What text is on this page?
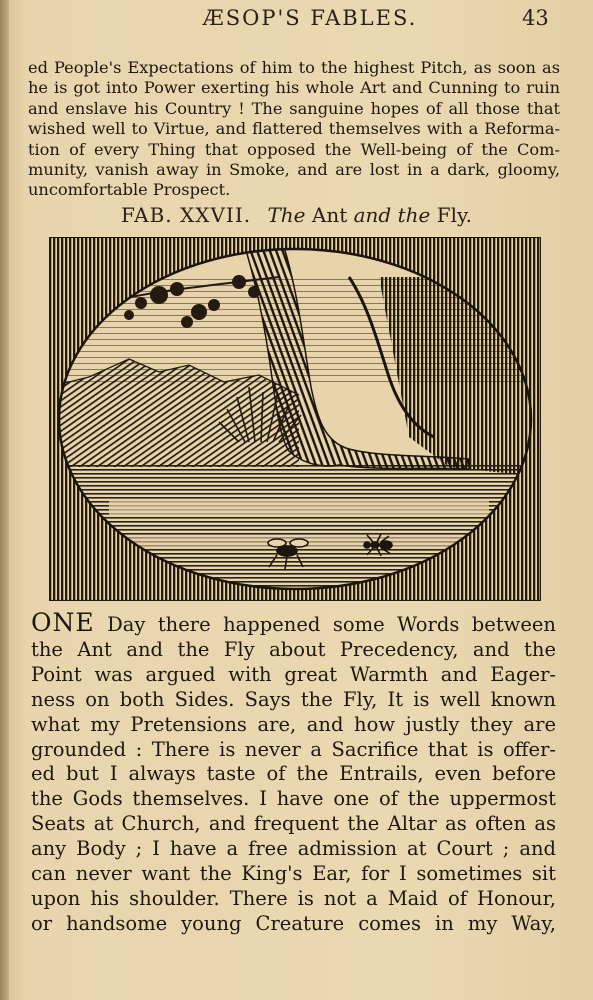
ÆSOP'S FABLES.	43
ed People's Expectations of him to the highest Pitch, as soon as
he is got into Power exerting his whole Art and Cunning to ruin
and enslave his Country ! The sanguine hopes of all those that
wished well to Virtue, and flattered themselves with a Reforma-
tion of every Thing that opposed the Well-being of the Com-
munity, vanish away in Smoke, and are lost in a dark, gloomy,
uncomfortable Prospect.
FAB. XXVII. The Ant and the Fly.
ONE Day there happened some Words between
the Ant and the Fly about Precedency, and the
Point was argued with great Warmth and Eager-
ness on both Sides. Says the Fly, It is well known
what my Pretensions are, and how justly they are
grounded : There is never a Sacrifice that is offer-
ed but I always taste of the Entrails, even before
the Gods themselves. I have one of the uppermost
Seats at Church, and frequent the Altar as often as
any Body ; I have a free admission at Court ; and
can never want the King's Ear, for I sometimes sit
upon his shoulder. There is not a Maid of Honour,
or handsome young Creature comes in my Way,
